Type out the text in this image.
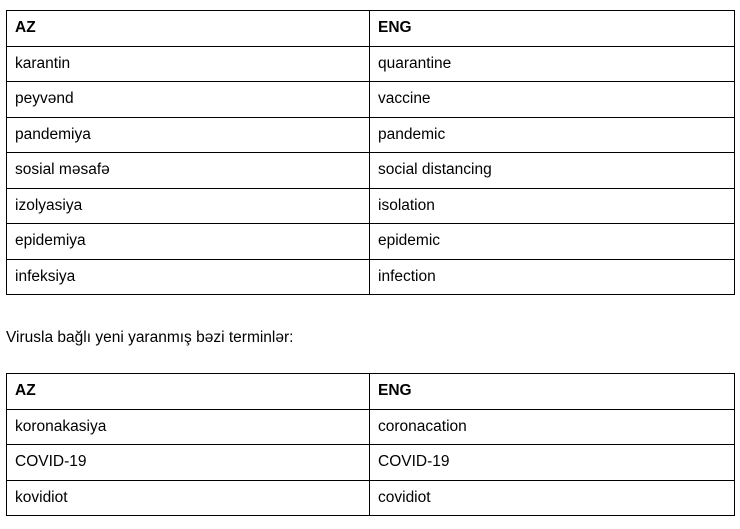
AZ	ENG
karantin	quarantine
peyvənd	vaccine
pandemiya	pandemic
sosial məsafə	social distancing
izolyasiya	isolation
epidemiya	epidemic
infeksiya	infection

Virusla bağlı yeni yaranmış bəzi terminlər:

AZ	ENG
koronakasiya	coronacation
COVID-19	COVID-19
kovidiot	covidiot
